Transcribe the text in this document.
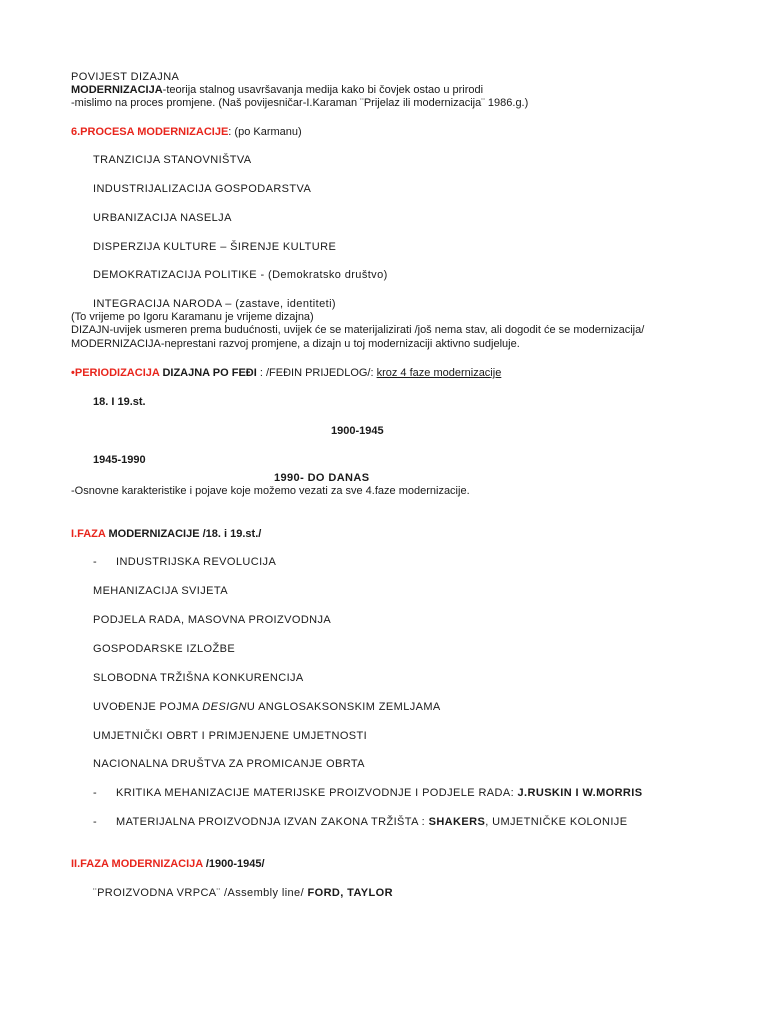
POVIJEST DIZAJNA
MODERNIZACIJA-teorija stalnog usavršavanja medija kako bi čovjek ostao u prirodi
-mislimo na proces promjene. (Naš povijesničar-I.Karaman ¨Prijelaz ili modernizacija¨ 1986.g.)
6.PROCESA MODERNIZACIJE: (po Karmanu)
TRANZICIJA STANOVNIŠTVA
INDUSTRIJALIZACIJA GOSPODARSTVA
URBANIZACIJA NASELJA
DISPERZIJA KULTURE – ŠIRENJE KULTURE
DEMOKRATIZACIJA POLITIKE - (Demokratsko društvo)
INTEGRACIJA NARODA – (zastave, identiteti)
(To vrijeme po Igoru Karamanu je vrijeme dizajna)
DIZAJN-uvijek usmeren prema budućnosti, uvijek će se materijalizirati /još nema stav, ali dogodit će se modernizacija/
MODERNIZACIJA-neprestani razvoj promjene, a dizajn u toj modernizaciji aktivno sudjeluje.
•PERIODIZACIJA DIZAJNA PO FEĐI : /FEĐIN PRIJEDLOG/: kroz 4 faze modernizacije
18. I 19.st.
1900-1945
1945-1990
1990- DO DANAS
-Osnovne karakteristike i pojave koje možemo vezati za sve 4.faze modernizacije.
I.FAZA MODERNIZACIJE /18. i 19.st./
- INDUSTRIJSKA REVOLUCIJA
MEHANIZACIJA SVIJETA
PODJELA RADA, MASOVNA PROIZVODNJA
GOSPODARSKE IZLOŽBE
SLOBODNA TRŽIŠNA KONKURENCIJA
UVOĐENJE POJMA DESIGNU ANGLOSAKSONSKIM ZEMLJAMA
UMJETNIČKI OBRT I PRIMJENJENE UMJETNOSTI
NACIONALNA DRUŠTVA ZA PROMICANJE OBRTA
- KRITIKA MEHANIZACIJE MATERIJSKE PROIZVODNJE I PODJELE RADA: J.RUSKIN I W.MORRIS
- MATERIJALNA PROIZVODNJA IZVAN ZAKONA TRŽIŠTA : SHAKERS, UMJETNIČKE KOLONIJE
II.FAZA MODERNIZACIJA /1900-1945/
¨PROIZVODNA VRPCA¨ /Assembly line/ FORD, TAYLOR
